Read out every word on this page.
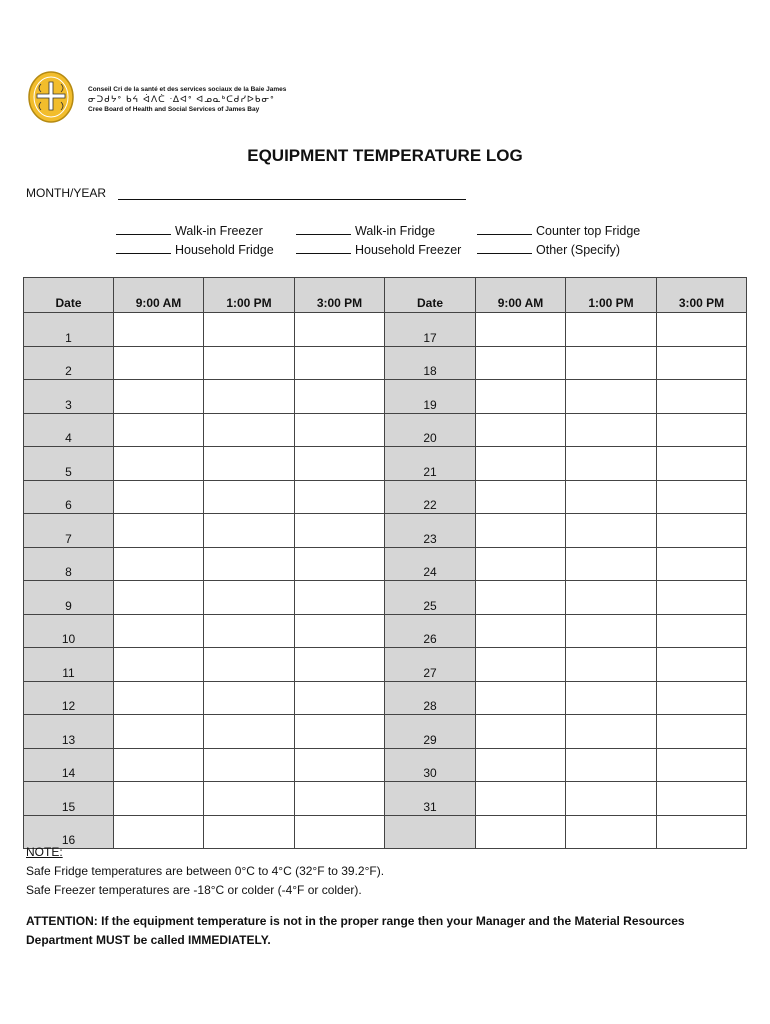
Conseil Cri de la santé et des services sociaux de la Baie James
ᓂᑐᑯᔭᐤ ᑲᔦ ᐋᐱᑖ ᐧᐃᐊᐤ ᐊᓄᓇᒃᑕᑯᓯᐅᑲᓂᐤ
Cree Board of Health and Social Services of James Bay
EQUIPMENT TEMPERATURE LOG
MONTH/YEAR
Walk-in Freezer	Walk-in Fridge	Counter top Fridge
Household Fridge	Household Freezer	Other (Specify)
Date	9:00 AM	1:00 PM	3:00 PM	Date	9:00 AM	1:00 PM	3:00 PM
1				17			
2				18			
3				19			
4				20			
5				21			
6				22			
7				23			
8				24			
9				25			
10				26			
11				27			
12				28			
13				29			
14				30			
15				31			
16							
NOTE:
Safe Fridge temperatures are between 0°C to 4°C (32°F to 39.2°F).
Safe Freezer temperatures are -18°C or colder (-4°F or colder).
ATTENTION: If the equipment temperature is not in the proper range then your Manager and the Material Resources Department MUST be called IMMEDIATELY.
